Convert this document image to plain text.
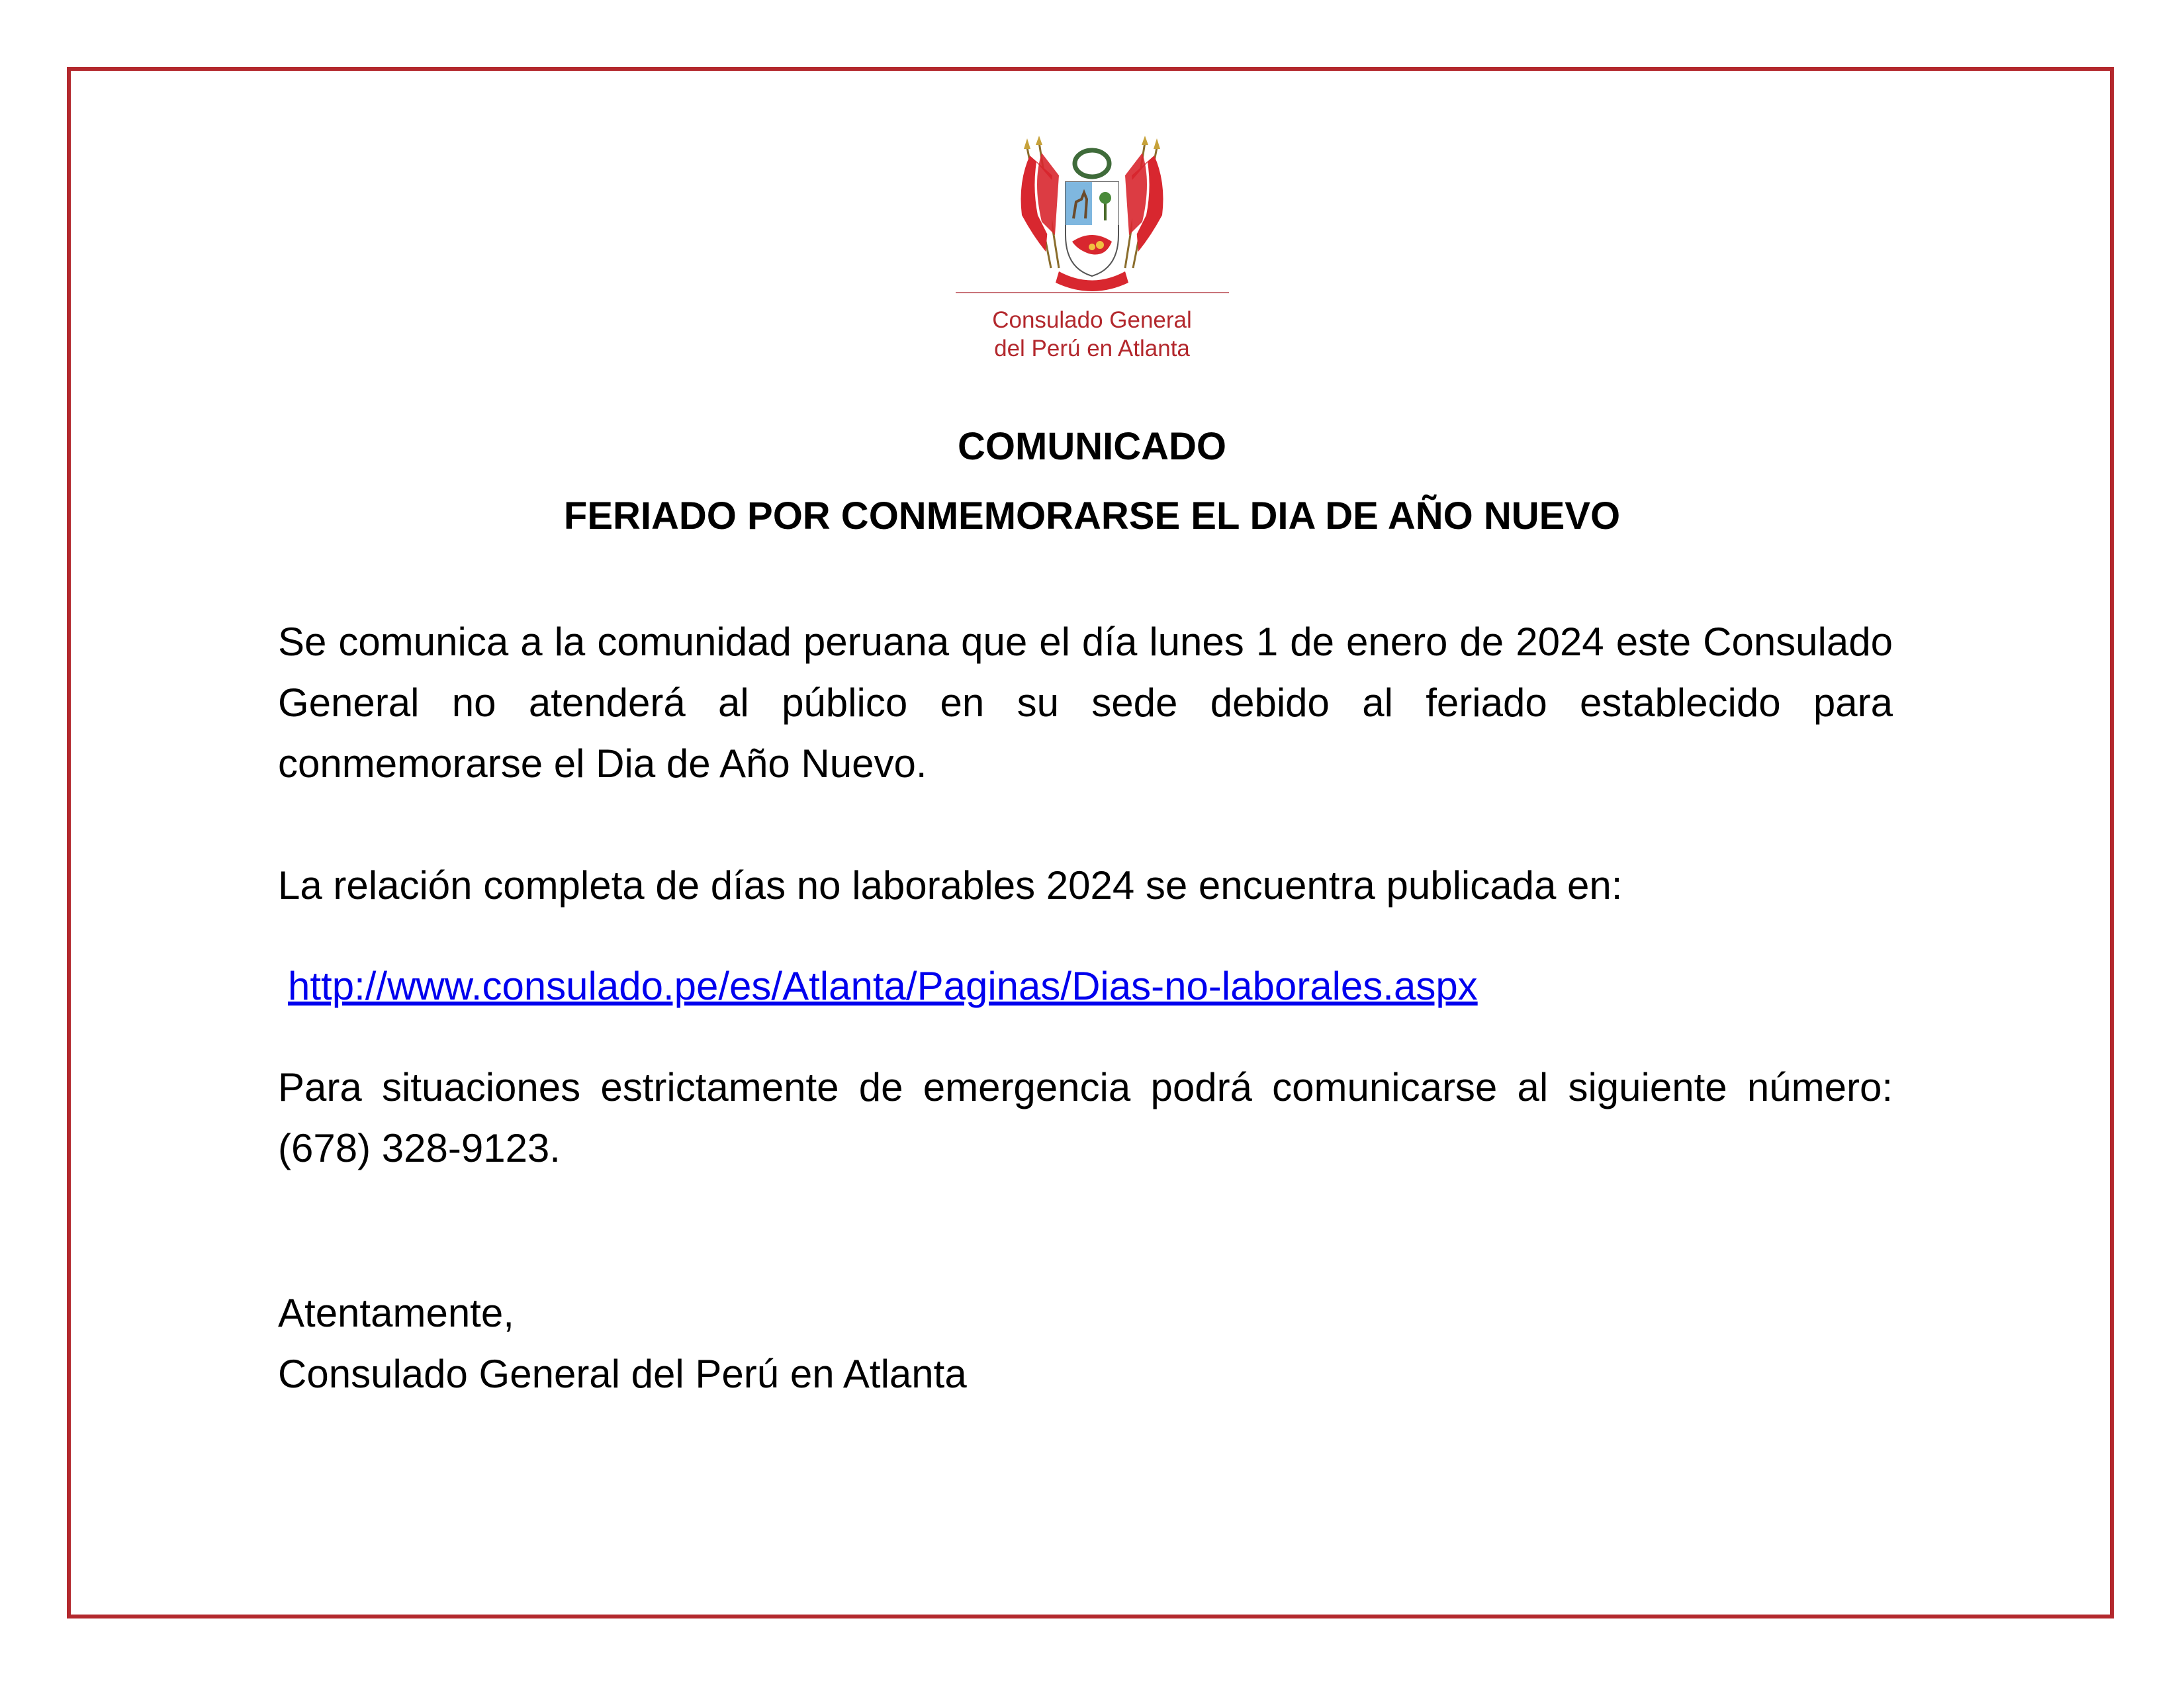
Consulado General
del Perú en Atlanta
COMUNICADO
FERIADO POR CONMEMORARSE EL DIA DE AÑO NUEVO

Se comunica a la comunidad peruana que el día lunes 1 de enero de 2024 este Consulado General no atenderá al público en su sede debido al feriado establecido para conmemorarse el Dia de Año Nuevo.

La relación completa de días no laborables 2024 se encuentra publicada en:

http://www.consulado.pe/es/Atlanta/Paginas/Dias-no-laborales.aspx

Para situaciones estrictamente de emergencia podrá comunicarse al siguiente número: (678) 328-9123.

Atentamente,
Consulado General del Perú en Atlanta
